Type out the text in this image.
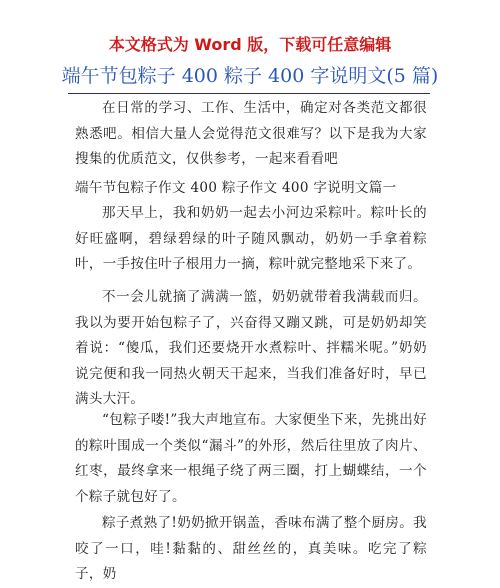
本文格式为 Word 版，下载可任意编辑
端午节包粽子 400 粽子 400 字说明文(5 篇)

在日常的学习、工作、生活中，确定对各类范文都很熟悉吧。相信大量人会觉得范文很难写？以下是我为大家搜集的优质范文，仅供参考，一起来看看吧

端午节包粽子作文 400 粽子作文 400 字说明文篇一

那天早上，我和奶奶一起去小河边采粽叶。粽叶长的好旺盛啊，碧绿碧绿的叶子随风飘动，奶奶一手拿着粽叶，一手按住叶子根用力一摘，粽叶就完整地采下来了。

不一会儿就摘了满满一篮，奶奶就带着我满载而归。我以为要开始包粽子了，兴奋得又蹦又跳，可是奶奶却笑着说：“傻瓜，我们还要烧开水煮粽叶、拌糯米呢。”奶奶说完便和我一同热火朝天干起来，当我们准备好时，早已满头大汗。

“包粽子喽!”我大声地宣布。大家便坐下来，先挑出好的粽叶围成一个类似“漏斗”的外形，然后往里放了肉片、红枣，最终拿来一根绳子绕了两三圈，打上蝴蝶结，一个个粽子就包好了。

粽子煮熟了!奶奶掀开锅盖，香味布满了整个厨房。我咬了一口，哇!黏黏的、甜丝丝的，真美味。吃完了粽子，奶
